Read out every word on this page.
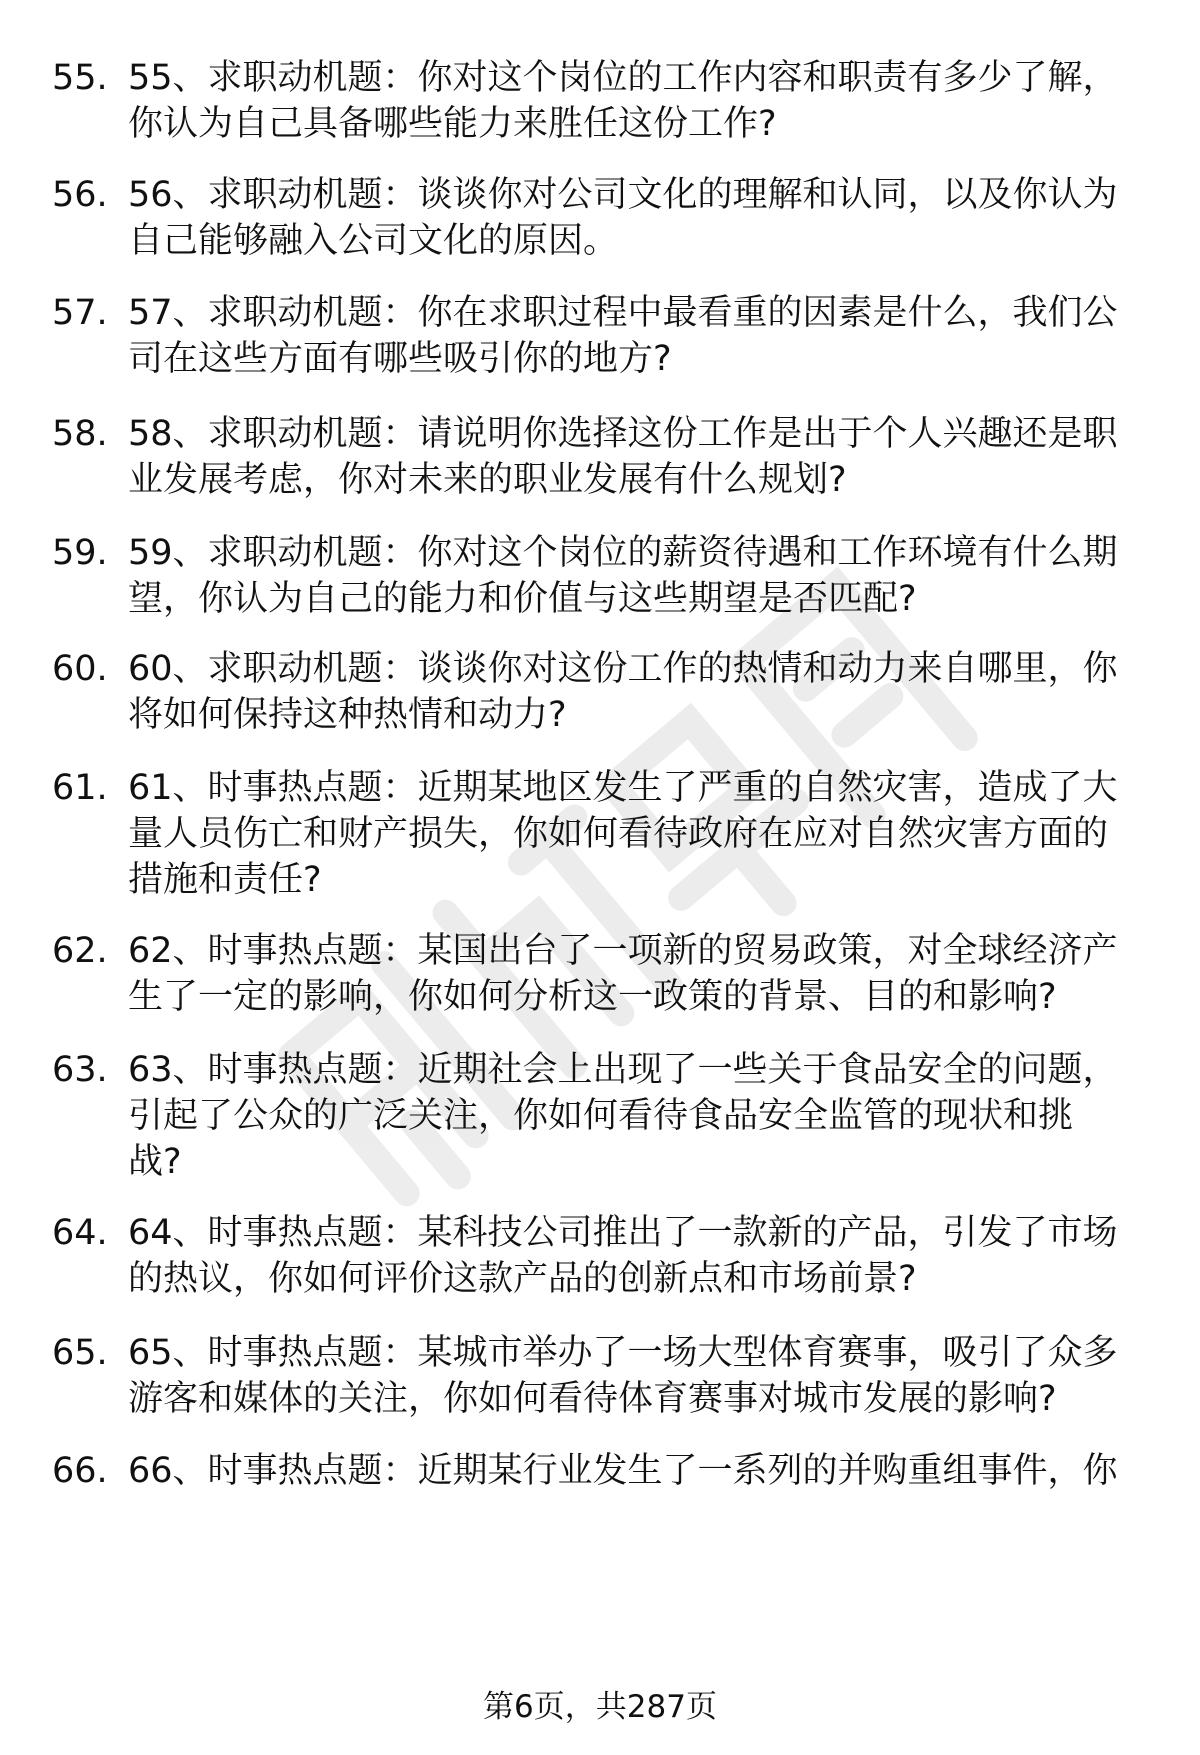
55. 55、求职动机题：你对这个岗位的工作内容和职责有多少了解，
你认为自己具备哪些能力来胜任这份工作?
56. 56、求职动机题：谈谈你对公司文化的理解和认同，以及你认为
自己能够融入公司文化的原因。
57. 57、求职动机题：你在求职过程中最看重的因素是什么，我们公
司在这些方面有哪些吸引你的地方?
58. 58、求职动机题：请说明你选择这份工作是出于个人兴趣还是职
业发展考虑，你对未来的职业发展有什么规划?
59. 59、求职动机题：你对这个岗位的薪资待遇和工作环境有什么期
望，你认为自己的能力和价值与这些期望是否匹配?
60. 60、求职动机题：谈谈你对这份工作的热情和动力来自哪里，你
将如何保持这种热情和动力?
61. 61、时事热点题：近期某地区发生了严重的自然灾害，造成了大
量人员伤亡和财产损失，你如何看待政府在应对自然灾害方面的
措施和责任?
62. 62、时事热点题：某国出台了一项新的贸易政策，对全球经济产
生了一定的影响，你如何分析这一政策的背景、目的和影响?
63. 63、时事热点题：近期社会上出现了一些关于食品安全的问题，
引起了公众的广泛关注，你如何看待食品安全监管的现状和挑
战?
64. 64、时事热点题：某科技公司推出了一款新的产品，引发了市场
的热议，你如何评价这款产品的创新点和市场前景?
65. 65、时事热点题：某城市举办了一场大型体育赛事，吸引了众多
游客和媒体的关注，你如何看待体育赛事对城市发展的影响?
66. 66、时事热点题：近期某行业发生了一系列的并购重组事件，你
第6页，共287页
